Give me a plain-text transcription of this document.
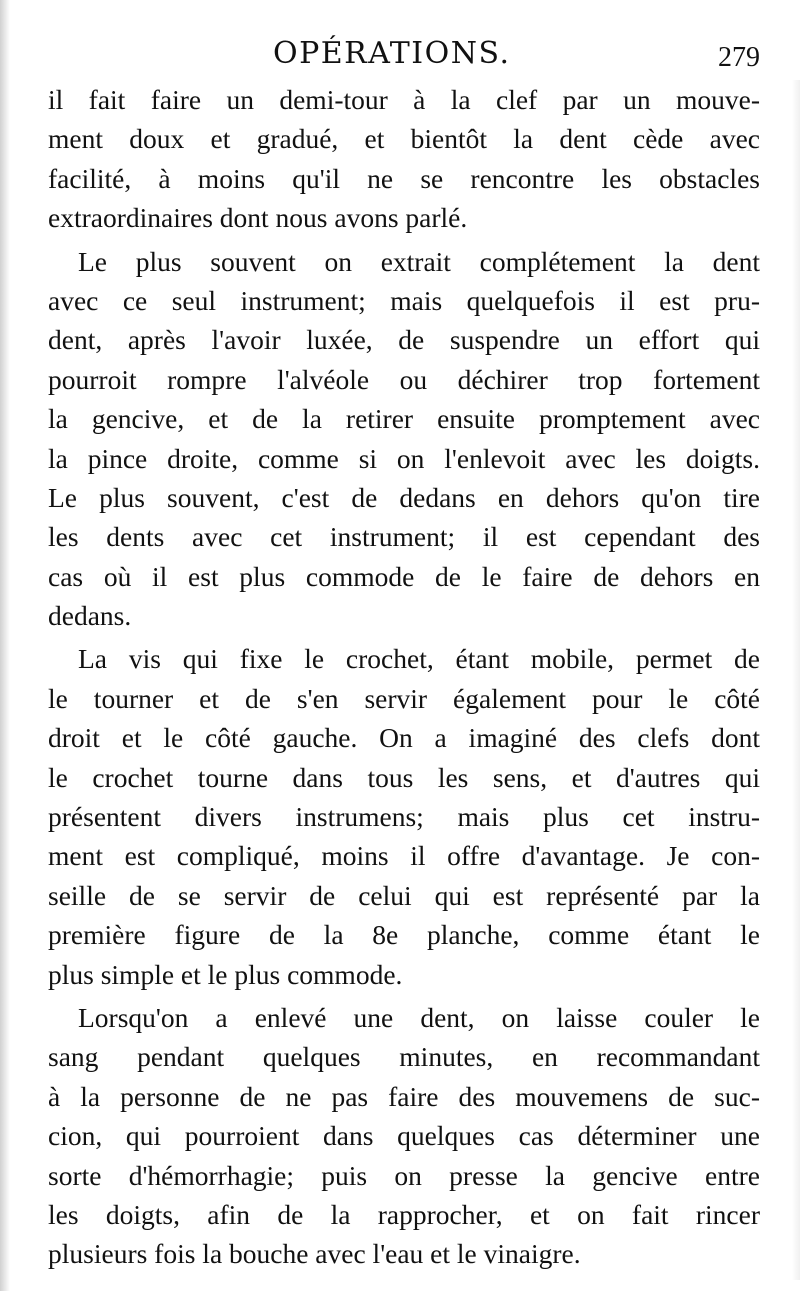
OPÉRATIONS.	279
il fait faire un demi-tour à la clef par un mouve-
ment doux et gradué, et bientôt la dent cède avec
facilité, à moins qu'il ne se rencontre les obstacles
extraordinaires dont nous avons parlé.
Le plus souvent on extrait complétement la dent
avec ce seul instrument; mais quelquefois il est pru-
dent, après l'avoir luxée, de suspendre un effort qui
pourroit rompre l'alvéole ou déchirer trop fortement
la gencive, et de la retirer ensuite promptement avec
la pince droite, comme si on l'enlevoit avec les doigts.
Le plus souvent, c'est de dedans en dehors qu'on tire
les dents avec cet instrument; il est cependant des
cas où il est plus commode de le faire de dehors en
dedans.
La vis qui fixe le crochet, étant mobile, permet de
le tourner et de s'en servir également pour le côté
droit et le côté gauche. On a imaginé des clefs dont
le crochet tourne dans tous les sens, et d'autres qui
présentent divers instrumens; mais plus cet instru-
ment est compliqué, moins il offre d'avantage. Je con-
seille de se servir de celui qui est représenté par la
première figure de la 8e planche, comme étant le
plus simple et le plus commode.
Lorsqu'on a enlevé une dent, on laisse couler le
sang pendant quelques minutes, en recommandant
à la personne de ne pas faire des mouvemens de suc-
cion, qui pourroient dans quelques cas déterminer une
sorte d'hémorrhagie; puis on presse la gencive entre
les doigts, afin de la rapprocher, et on fait rincer
plusieurs fois la bouche avec l'eau et le vinaigre.
